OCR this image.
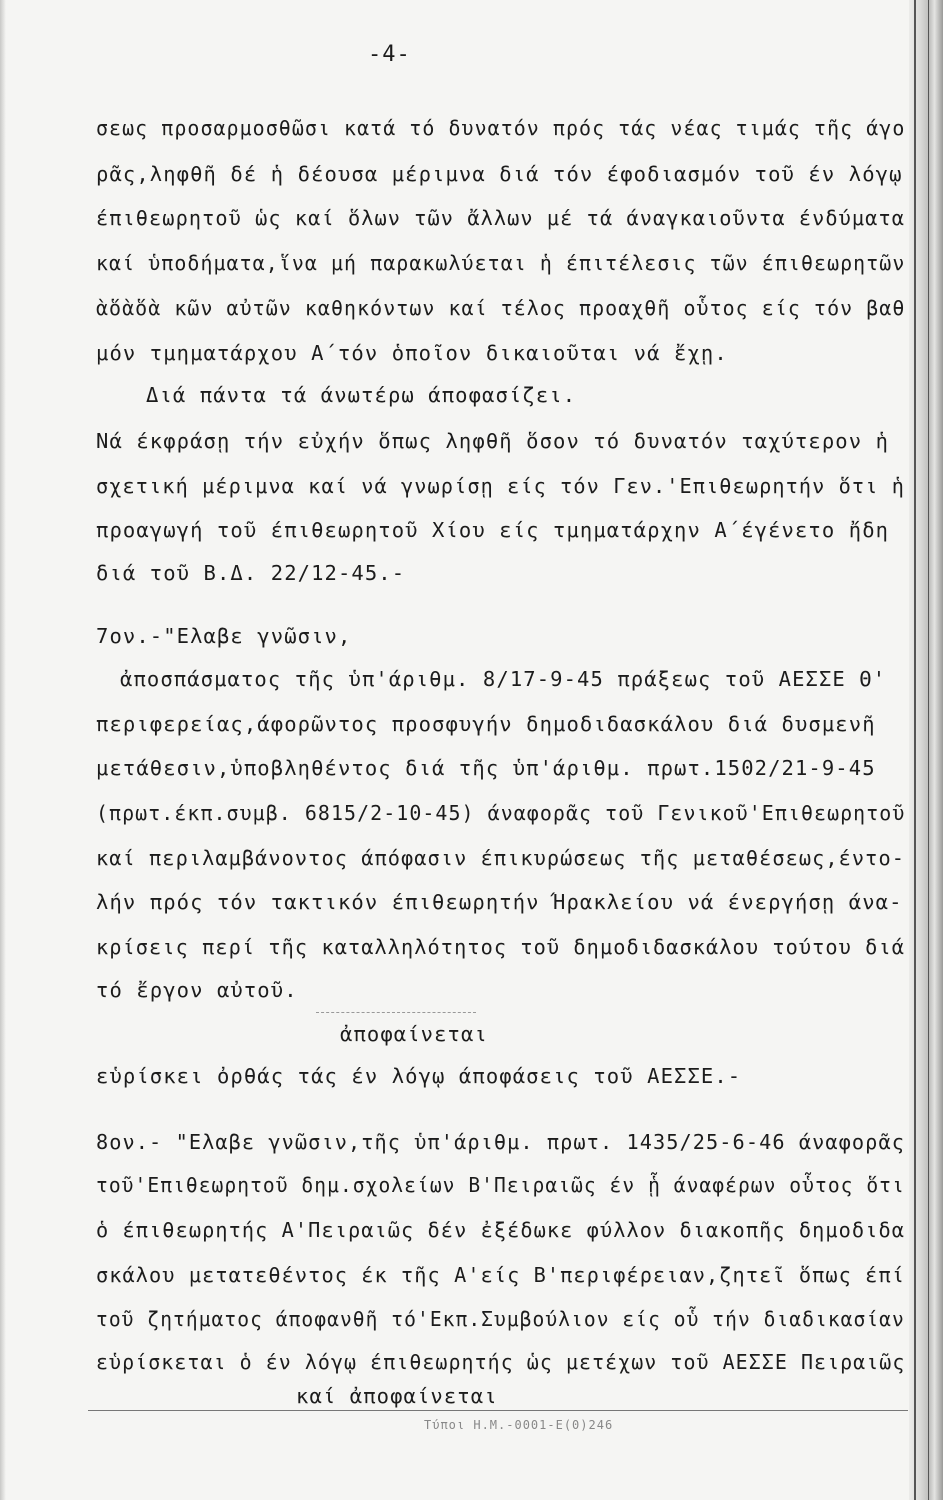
-4-
σεως προσαρμοσθῶσι κατά τό δυνατόν πρός τάς νέας τιμάς τῆς άγο
ρᾶς,ληφθῆ δέ ἡ δέουσα μέριμνα διά τόν έφοδιασμόν τοῦ έν λόγῳ
έπιθεωρητοῦ ὡς καί ὅλων τῶν ἄλλων μέ τά άναγκαιοῦντα ένδύματα
καί ὑποδήματα,ἵνα μή παρακωλύεται ἡ έπιτέλεσις τῶν έπιθεωρητῶν
ὰὅὰὅὰ κῶν αὐτῶν καθηκόντων καί τέλος προαχθῆ οὗτος είς τόν βαθ
μόν τμηματάρχου Α΄τόν ὁποῖον δικαιοῦται νά ἔχῃ.
Διά πάντα τά άνωτέρω άποφασίζει.
Νά έκφράσῃ τήν εὐχήν ὅπως ληφθῆ ὅσον τό δυνατόν ταχύτερον ἡ
σχετική μέριμνα καί νά γνωρίσῃ είς τόν Γεν.'Επιθεωρητήν ὅτι ἡ
προαγωγή τοῦ έπιθεωρητοῦ Χίου είς τμηματάρχην Α΄έγένετο ἤδη
διά τοῦ Β.Δ. 22/12-45.-
7ον.-"Ελαβε γνῶσιν,
ἀποσπάσματος τῆς ὑπ'άριθμ. 8/17-9-45 πράξεως τοῦ ΑΕΣΣΕ Θ'
περιφερείας,άφορῶντος προσφυγήν δημοδιδασκάλου διά δυσμενῆ
μετάθεσιν,ὑποβληθέντος διά τῆς ὑπ'άριθμ. πρωτ.1502/21-9-45
(πρωτ.έκπ.συμβ. 6815/2-10-45) άναφορᾶς τοῦ Γενικοῦ'Επιθεωρητοῦ
καί περιλαμβάνοντος άπόφασιν έπικυρώσεως τῆς μεταθέσεως,έντο-
λήν πρός τόν τακτικόν έπιθεωρητήν Ήρακλείου νά ένεργήσῃ άνα-
κρίσεις περί τῆς καταλληλότητος τοῦ δημοδιδασκάλου τούτου διά
τό ἔργον αὐτοῦ.
ἀποφαίνεται
εὑρίσκει ὀρθάς τάς έν λόγῳ άποφάσεις τοῦ ΑΕΣΣΕ.-
8ον.- "Ελαβε γνῶσιν,τῆς ὑπ'άριθμ. πρωτ. 1435/25-6-46 άναφορᾶς
τοῦ'Επιθεωρητοῦ δημ.σχολείων Β'Πειραιῶς έν ᾗ άναφέρων οὗτος ὅτι
ὁ έπιθεωρητής Α'Πειραιῶς δέν ἐξέδωκε φύλλον διακοπῆς δημοδιδα
σκάλου μετατεθέντος έκ τῆς Α'είς Β'περιφέρειαν,ζητεῖ ὅπως έπί
τοῦ ζητήματος άποφανθῆ τό'Εκπ.Συμβούλιον είς οὗ τήν διαδικασίαν
εὑρίσκεται ὁ έν λόγῳ έπιθεωρητής ὡς μετέχων τοῦ ΑΕΣΣΕ Πειραιῶς
καί ἀποφαίνεται
Τύποι Η.Μ.-0001-Ε(0)246
